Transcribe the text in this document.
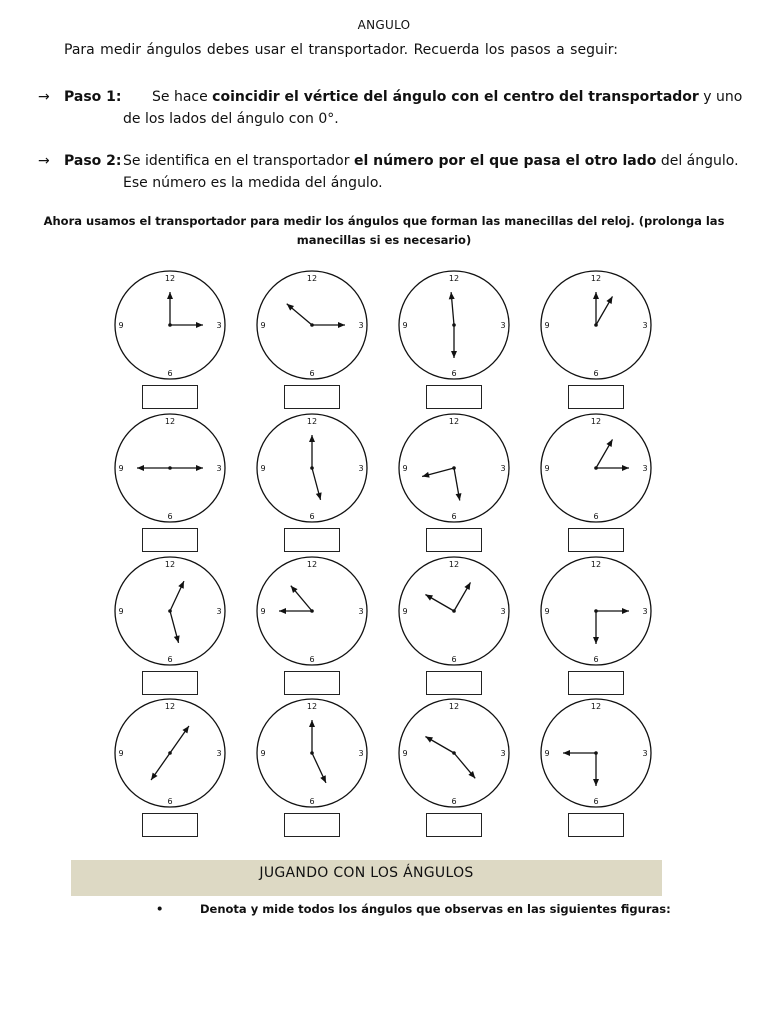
ANGULO
Para medir ángulos debes usar el transportador. Recuerda los pasos a seguir:
→ Paso 1: Se hace coincidir el vértice del ángulo con el centro del transportador y uno
de los lados del ángulo con 0°.
→ Paso 2: Se identifica en el transportador el número por el que pasa el otro lado del ángulo.
Ese número es la medida del ángulo.
Ahora usamos el transportador para medir los ángulos que forman las manecillas del reloj. (prolonga las manecillas si es necesario)
12
3
6
9
12
3
6
9
12
3
6
9
12
3
6
9
12
3
6
9
12
3
6
9
12
3
6
9
12
3
6
9
12
3
6
9
12
3
6
9
12
3
6
9
12
3
6
9
12
3
6
9
12
3
6
9
12
3
6
9
12
3
6
9
JUGANDO CON LOS ÁNGULOS
•	Denota y mide todos los ángulos que observas en las siguientes figuras:
